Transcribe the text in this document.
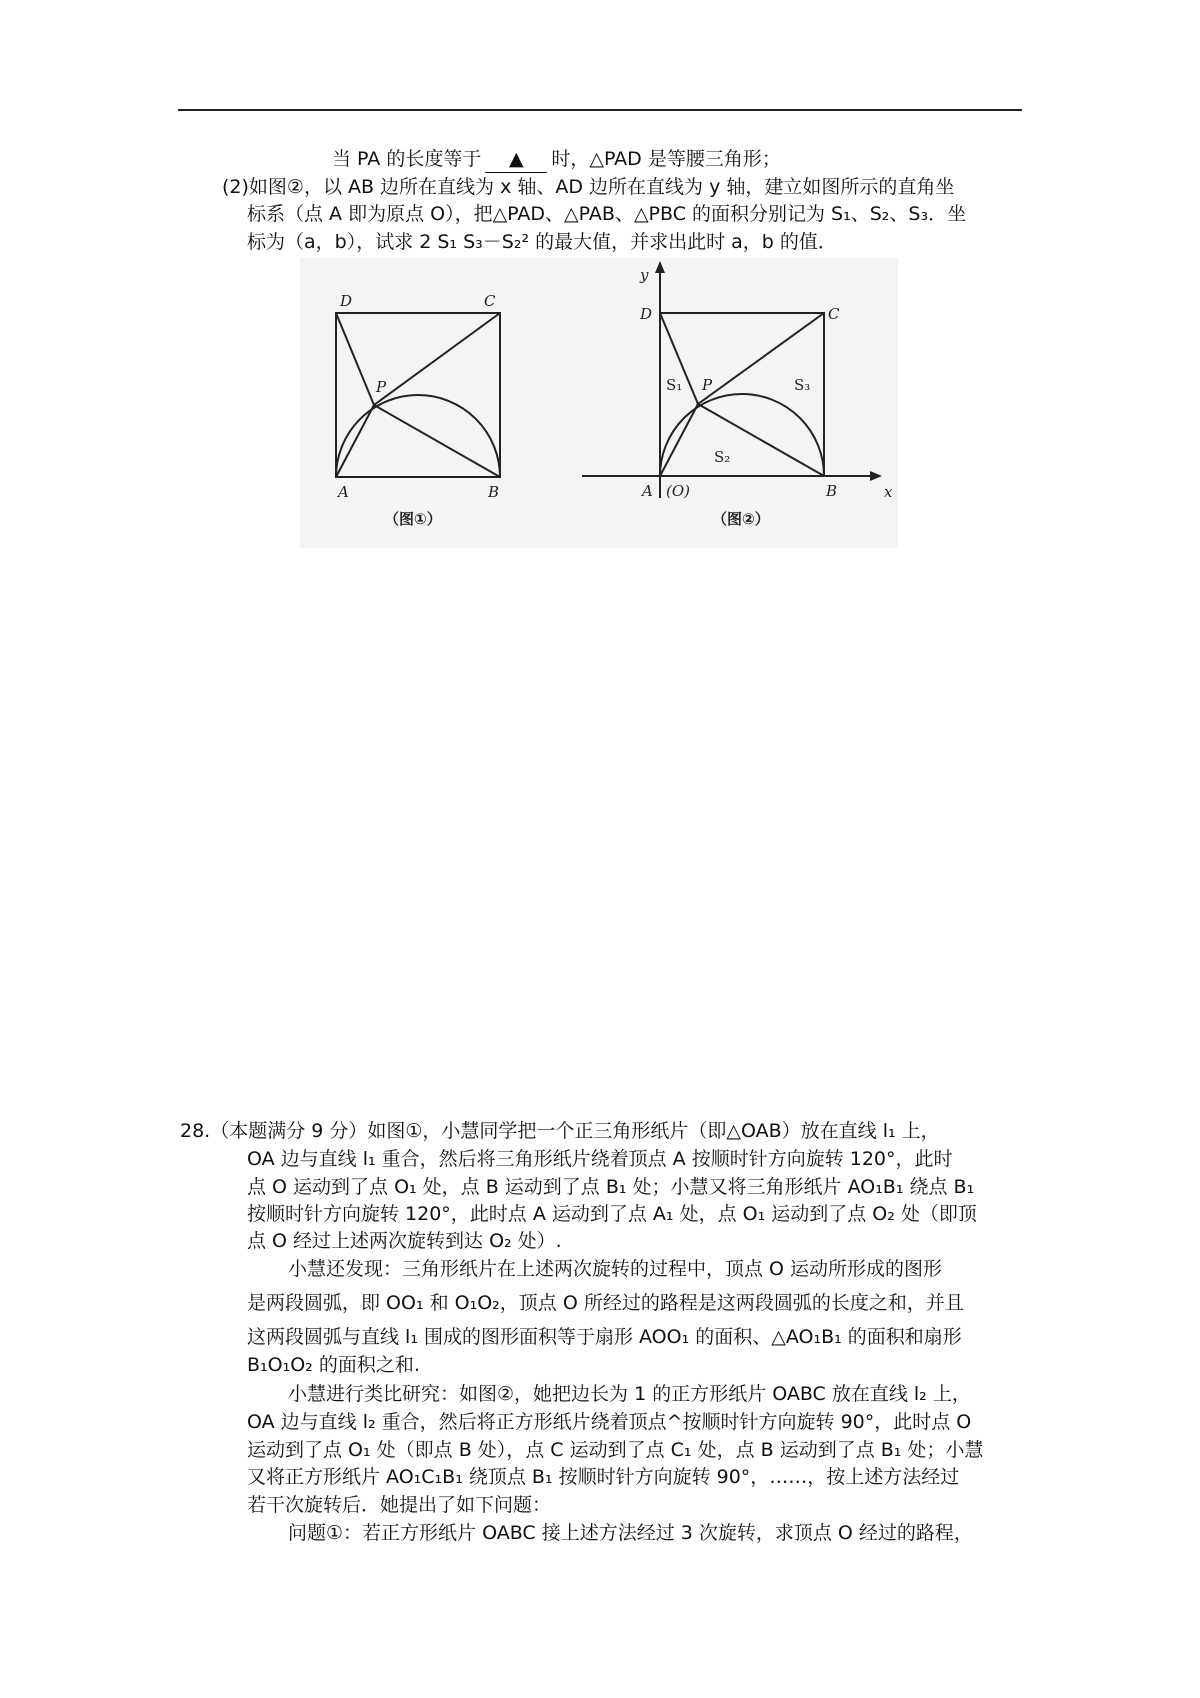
当 PA 的长度等于 ▲ 时，△PAD 是等腰三角形；
(2)如图②，以 AB 边所在直线为 x 轴、AD 边所在直线为 y 轴，建立如图所示的直角坐
标系（点 A 即为原点 O），把△PAD、△PAB、△PBC 的面积分别记为 S₁、S₂、S₃．坐
标为（a，b），试求 2 S₁ S₃－S₂² 的最大值，并求出此时 a，b 的值．
D	C
P
A	B
（图①）
y
x
D	C
P
A (O)	B
S₁
S₂
S₃
（图②）
28.（本题满分 9 分）如图①，小慧同学把一个正三角形纸片（即△OAB）放在直线 l₁ 上，
OA 边与直线 l₁ 重合，然后将三角形纸片绕着顶点 A 按顺时针方向旋转 120°，此时
点 O 运动到了点 O₁ 处，点 B 运动到了点 B₁ 处；小慧又将三角形纸片 AO₁B₁ 绕点 B₁
按顺时针方向旋转 120°，此时点 A 运动到了点 A₁ 处，点 O₁ 运动到了点 O₂ 处（即顶
点 O 经过上述两次旋转到达 O₂ 处）.
小慧还发现：三角形纸片在上述两次旋转的过程中，顶点 O 运动所形成的图形
是两段圆弧，即 OO₁ 和 O₁O₂，顶点 O 所经过的路程是这两段圆弧的长度之和，并且
这两段圆弧与直线 l₁ 围成的图形面积等于扇形 AOO₁ 的面积、△AO₁B₁ 的面积和扇形
B₁O₁O₂ 的面积之和.
小慧进行类比研究：如图②，她把边长为 1 的正方形纸片 OABC 放在直线 l₂ 上，
OA 边与直线 l₂ 重合，然后将正方形纸片绕着顶点^按顺时针方向旋转 90°，此时点 O
运动到了点 O₁ 处（即点 B 处），点 C 运动到了点 C₁ 处，点 B 运动到了点 B₁ 处；小慧
又将正方形纸片 AO₁C₁B₁ 绕顶点 B₁ 按顺时针方向旋转 90°，……，按上述方法经过
若干次旋转后．她提出了如下问题：
问题①：若正方形纸片 OABC 接上述方法经过 3 次旋转，求顶点 O 经过的路程，
